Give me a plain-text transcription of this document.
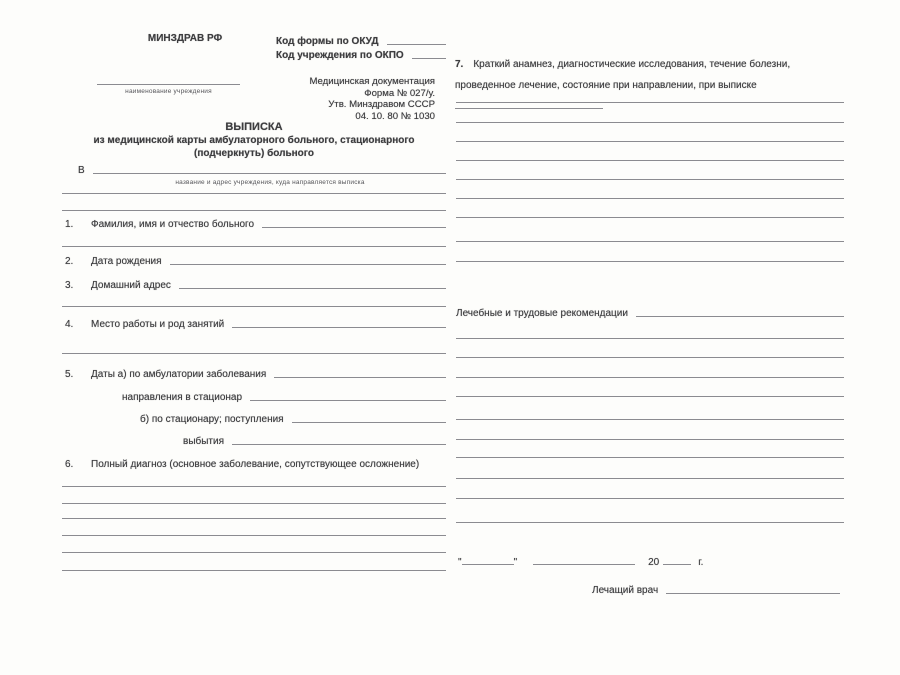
МИНЗДРАВ РФ
наименование учреждения
Код формы по ОКУД
Код учреждения по ОКПО
Медицинская документация
Форма № 027/у.
Утв. Минздравом СССР
04. 10. 80 № 1030
ВЫПИСКА
из медицинской карты амбулаторного больного, стационарного
(подчеркнуть) больного
В
название и адрес учреждения, куда направляется выписка
1.	Фамилия, имя и отчество больного
2.	Дата рождения
3.	Домашний адрес
4.	Место работы и род занятий
5.	Даты а) по амбулатории заболевания
направления в стационар
б) по стационару; поступления
выбытия
6.	Полный диагноз (основное заболевание, сопутствующее осложнение)
7. Краткий анамнез, диагностические исследования, течение болезни, проведенное лечение, состояние при направлении, при выписке
Лечебные и трудовые рекомендации
"	"	20	г.
Лечащий врач
